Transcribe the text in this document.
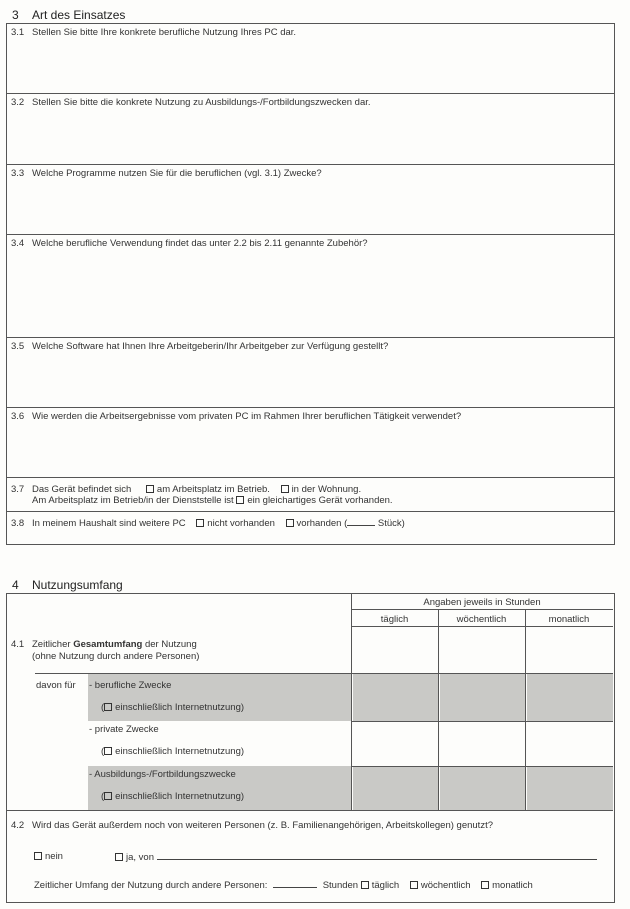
3 Art des Einsatzes
3.1 Stellen Sie bitte Ihre konkrete berufliche Nutzung Ihres PC dar.
3.2 Stellen Sie bitte die konkrete Nutzung zu Ausbildungs-/Fortbildungszwecken dar.
3.3 Welche Programme nutzen Sie für die beruflichen (vgl. 3.1) Zwecke?
3.4 Welche berufliche Verwendung findet das unter 2.2 bis 2.11 genannte Zubehör?
3.5 Welche Software hat Ihnen Ihre Arbeitgeberin/Ihr Arbeitgeber zur Verfügung gestellt?
3.6 Wie werden die Arbeitsergebnisse vom privaten PC im Rahmen Ihrer beruflichen Tätigkeit verwendet?
3.7 Das Gerät befindet sich	am Arbeitsplatz im Betrieb. in der Wohnung.
Am Arbeitsplatz im Betrieb/in der Dienststelle ist ein gleichartiges Gerät vorhanden.
3.8 In meinem Haushalt sind weitere PC nicht vorhanden vorhanden (	Stück)
4 Nutzungsumfang
Angaben jeweils in Stunden
täglich	wöchentlich	monatlich
4.1 Zeitlicher Gesamtumfang der Nutzung
(ohne Nutzung durch andere Personen)
davon für - berufliche Zwecke
( einschließlich Internetnutzung)
- private Zwecke
( einschließlich Internetnutzung)
- Ausbildungs-/Fortbildungszwecke
( einschließlich Internetnutzung)
4.2 Wird das Gerät außerdem noch von weiteren Personen (z. B. Familienangehörigen, Arbeitskollegen) genutzt?
nein	ja, von
Zeitlicher Umfang der Nutzung durch andere Personen:	Stunden täglich wöchentlich monatlich
